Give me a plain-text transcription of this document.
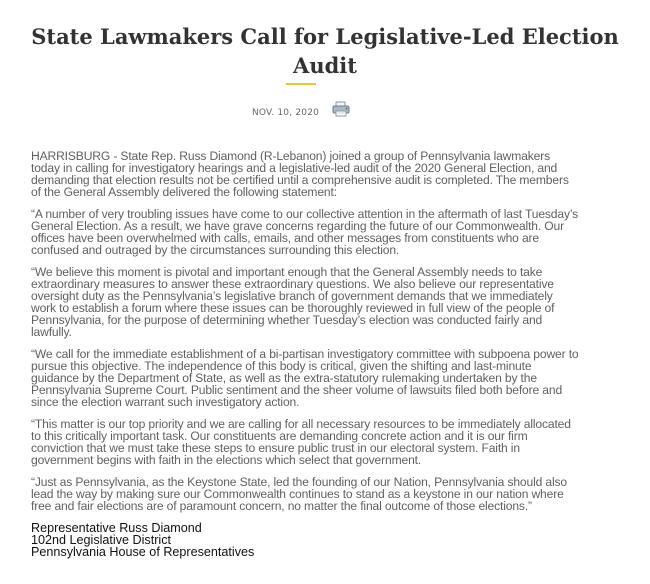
State Lawmakers Call for Legislative-Led Election Audit
NOV. 10, 2020

HARRISBURG - State Rep. Russ Diamond (R-Lebanon) joined a group of Pennsylvania lawmakers today in calling for investigatory hearings and a legislative-led audit of the 2020 General Election, and demanding that election results not be certified until a comprehensive audit is completed. The members of the General Assembly delivered the following statement:

“A number of very troubling issues have come to our collective attention in the aftermath of last Tuesday’s General Election. As a result, we have grave concerns regarding the future of our Commonwealth. Our offices have been overwhelmed with calls, emails, and other messages from constituents who are confused and outraged by the circumstances surrounding this election.

“We believe this moment is pivotal and important enough that the General Assembly needs to take extraordinary measures to answer these extraordinary questions. We also believe our representative oversight duty as the Pennsylvania’s legislative branch of government demands that we immediately work to establish a forum where these issues can be thoroughly reviewed in full view of the people of Pennsylvania, for the purpose of determining whether Tuesday’s election was conducted fairly and lawfully.

“We call for the immediate establishment of a bi-partisan investigatory committee with subpoena power to pursue this objective. The independence of this body is critical, given the shifting and last-minute guidance by the Department of State, as well as the extra-statutory rulemaking undertaken by the Pennsylvania Supreme Court. Public sentiment and the sheer volume of lawsuits filed both before and since the election warrant such investigatory action.

“This matter is our top priority and we are calling for all necessary resources to be immediately allocated to this critically important task. Our constituents are demanding concrete action and it is our firm conviction that we must take these steps to ensure public trust in our electoral system. Faith in government begins with faith in the elections which select that government.

“Just as Pennsylvania, as the Keystone State, led the founding of our Nation, Pennsylvania should also lead the way by making sure our Commonwealth continues to stand as a keystone in our nation where free and fair elections are of paramount concern, no matter the final outcome of those elections.”

Representative Russ Diamond
102nd Legislative District
Pennsylvania House of Representatives
